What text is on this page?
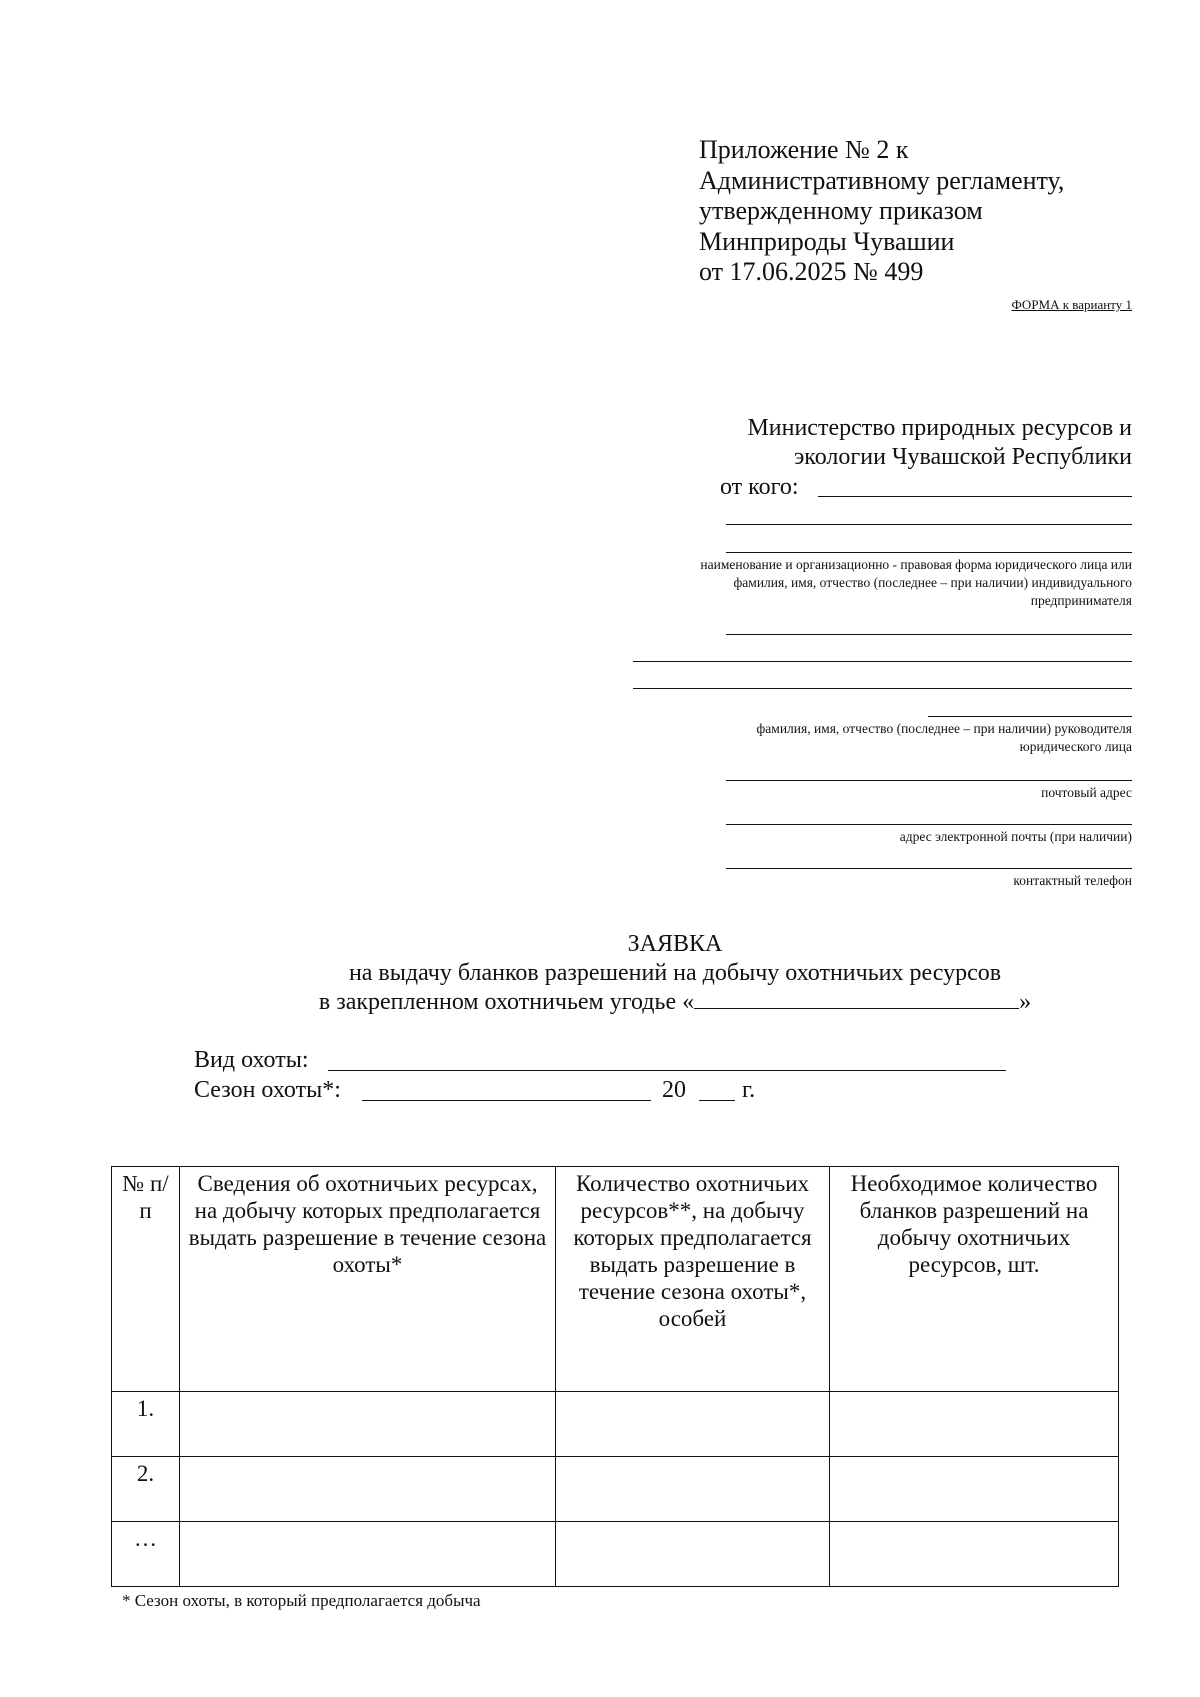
Приложение № 2 к
Административному регламенту,
утвержденному приказом
Минприроды Чувашии
от 17.06.2025 № 499
ФОРМА к варианту 1
Министерство природных ресурсов и
экологии Чувашской Республики
от кого:
наименование и организационно - правовая форма юридического лица или
фамилия, имя, отчество (последнее – при наличии) индивидуального
предпринимателя
фамилия, имя, отчество (последнее – при наличии) руководителя
юридического лица
почтовый адрес
адрес электронной почты (при наличии)
контактный телефон
ЗАЯВКА
на выдачу бланков разрешений на добычу охотничьих ресурсов
в закрепленном охотничьем угодье «	»
Вид охоты:
Сезон охоты*:	20 г.
№ п/п	Сведения об охотничьих ресурсах, на добычу которых предполагается выдать разрешение в течение сезона охоты*	Количество охотничьих ресурсов**, на добычу которых предполагается выдать разрешение в течение сезона охоты*, особей	Необходимое количество бланков разрешений на добычу охотничьих ресурсов, шт.
1.			
2.			
…			
* Сезон охоты, в который предполагается добыча
